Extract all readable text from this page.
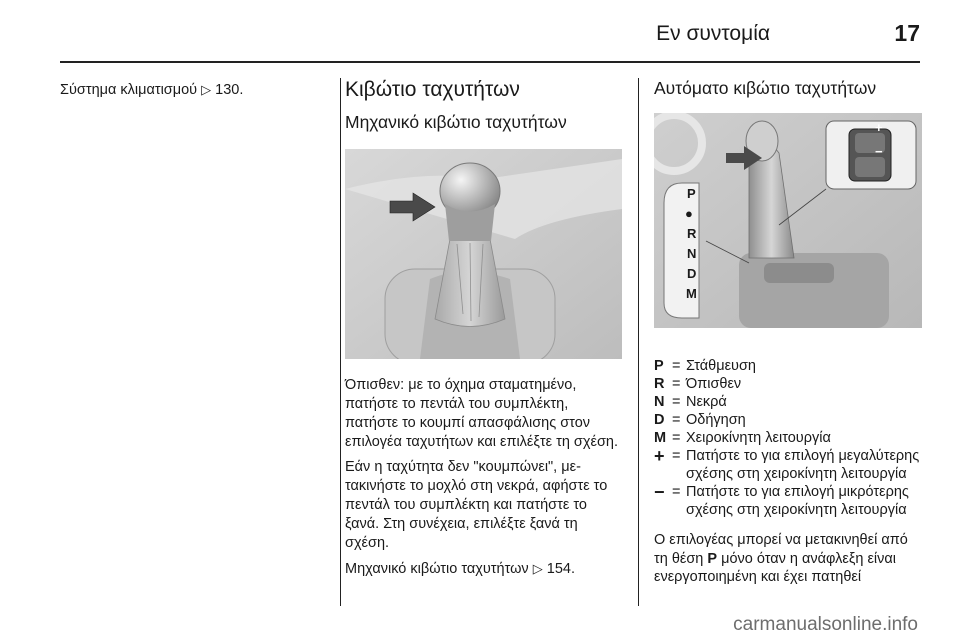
Εν συντομία	17
Σύστημα κλιματισμού ▷ 130.	Κιβώτιο ταχυτήτων
Μηχανικό κιβώτιο ταχυτήτων

Όπισθεν: με το όχημα σταματημένο, πατήστε το πεντάλ του συμπλέκτη, πατήστε το κουμπί απασφάλισης στον επιλογέα ταχυτήτων και επιλέξτε τη σχέση.

Εάν η ταχύτητα δεν "κουμπώνει", μετακινήστε το μοχλό στη νεκρά, αφήστε το πεντάλ του συμπλέκτη και πατήστε το ξανά. Στη συνέχεια, επιλέξτε ξανά τη σχέση.

Μηχανικό κιβώτιο ταχυτήτων ▷ 154.

Αυτόματο κιβώτιο ταχυτήτων
P
●
R
N
D
M
+
−
P = Στάθμευση
R = Όπισθεν
N = Νεκρά
D = Οδήγηση
M = Χειροκίνητη λειτουργία
+ = Πατήστε το για επιλογή μεγαλύτερης σχέσης στη χειροκίνητη λειτουργία
− = Πατήστε το για επιλογή μικρότερης σχέσης στη χειροκίνητη λειτουργία

Ο επιλογέας μπορεί να μετακινηθεί από τη θέση P μόνο όταν η ανάφλεξη είναι ενεργοποιημένη και έχει πατηθεί

carmanualsonline.info
